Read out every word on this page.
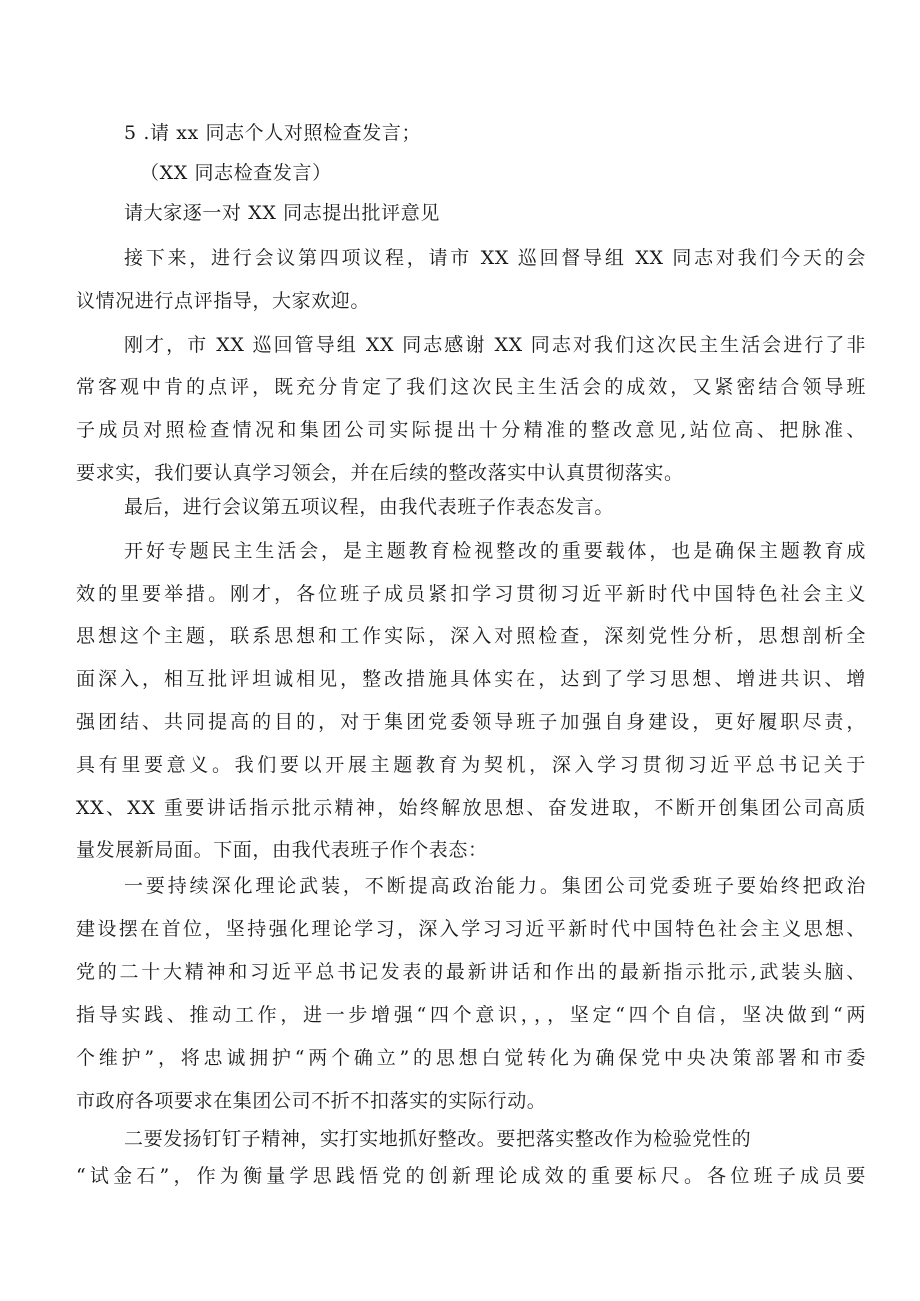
5 .请 xx 同志个人对照检查发言；
（XX 同志检查发言）
请大家逐一对 XX 同志提出批评意见
接下来，进行会议第四项议程，请市 XX 巡回督导组 XX 同志对我们今天的会
议情况进行点评指导，大家欢迎。
刚才，市 XX 巡回管导组 XX 同志感谢 XX 同志对我们这次民主生活会进行了非
常客观中肯的点评，既充分肯定了我们这次民主生活会的成效，又紧密结合领导班
子成员对照检查情况和集团公司实际提出十分精准的整改意见,站位高、把脉准、
要求实，我们要认真学习领会，并在后续的整改落实中认真贯彻落实。
最后，进行会议第五项议程，由我代表班子作表态发言。
开好专题民主生活会，是主题教育检视整改的重要载体，也是确保主题教育成
效的里要举措。刚才，各位班子成员紧扣学习贯彻习近平新时代中国特色社会主义
思想这个主题，联系思想和工作实际，深入对照检查，深刻党性分析，思想剖析全
面深入，相互批评坦诚相见，整改措施具体实在，达到了学习思想、增进共识、增
强团结、共同提高的目的，对于集团党委领导班子加强自身建设，更好履职尽责，
具有里要意义。我们要以开展主题教育为契机，深入学习贯彻习近平总书记关于
XX、XX 重要讲话指示批示精神，始终解放思想、奋发进取，不断开创集团公司高质
量发展新局面。下面，由我代表班子作个表态：
一要持续深化理论武装，不断提高政治能力。集团公司党委班子要始终把政治
建设摆在首位，坚持强化理论学习，深入学习习近平新时代中国特色社会主义思想、
党的二十大精神和习近平总书记发表的最新讲话和作出的最新指示批示,武装头脑、
指导实践、推动工作，进一步增强“四个意识，，，坚定“四个自信，坚决做到“两
个维护”，将忠诚拥护“两个确立”的思想白觉转化为确保党中央决策部署和市委
市政府各项要求在集团公司不折不扣落实的实际行动。
二要发扬钉钉子精神，实打实地抓好整改。要把落实整改作为检验党性的
“试金石”，作为衡量学思践悟党的创新理论成效的重要标尺。各位班子成员要
